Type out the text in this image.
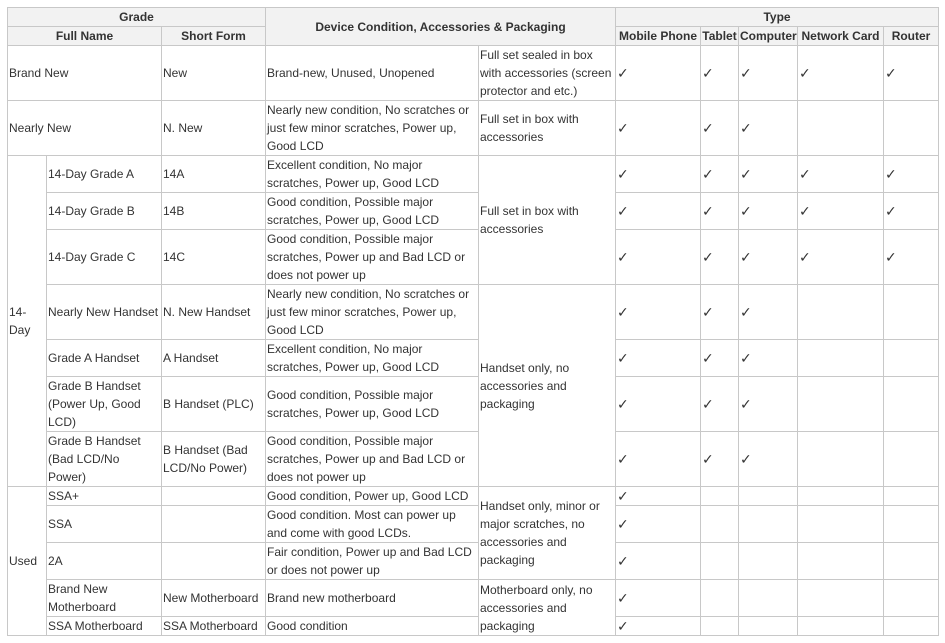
Grade			Device Condition, Accessories & Packaging		Type				
Full Name		Short Form			Mobile Phone	Tablet	Computer	Network Card	Router
Brand New		New	Brand-new, Unused, Unopened	Full set sealed in box with accessories (screen protector and etc.)	✓	✓	✓	✓	✓
Nearly New		N. New	Nearly new condition, No scratches or just few minor scratches, Power up, Good LCD	Full set in box with accessories	✓	✓	✓		
14-Day	14-Day Grade A	14A	Excellent condition, No major scratches, Power up, Good LCD	Full set in box with accessories	✓	✓	✓	✓	✓
	14-Day Grade B	14B	Good condition, Possible major scratches, Power up, Good LCD		✓	✓	✓	✓	✓
	14-Day Grade C	14C	Good condition, Possible major scratches, Power up and Bad LCD or does not power up		✓	✓	✓	✓	✓
	Nearly New Handset	N. New Handset	Nearly new condition, No scratches or just few minor scratches, Power up, Good LCD	Handset only, no accessories and packaging	✓	✓	✓		
	Grade A Handset	A Handset	Excellent condition, No major scratches, Power up, Good LCD		✓	✓	✓		
	Grade B Handset (Power Up, Good LCD)	B Handset (PLC)	Good condition, Possible major scratches, Power up, Good LCD		✓	✓	✓		
	Grade B Handset (Bad LCD/No Power)	B Handset (Bad LCD/No Power)	Good condition, Possible major scratches, Power up and Bad LCD or does not power up		✓	✓	✓		
Used	SSA+		Good condition, Power up, Good LCD	Handset only, minor or major scratches, no accessories and packaging	✓				
	SSA		Good condition. Most can power up and come with good LCDs.		✓				
	2A		Fair condition, Power up and Bad LCD or does not power up		✓				
	Brand New Motherboard	New Motherboard	Brand new motherboard	Motherboard only, no accessories and packaging	✓				
	SSA Motherboard	SSA Motherboard	Good condition		✓				
